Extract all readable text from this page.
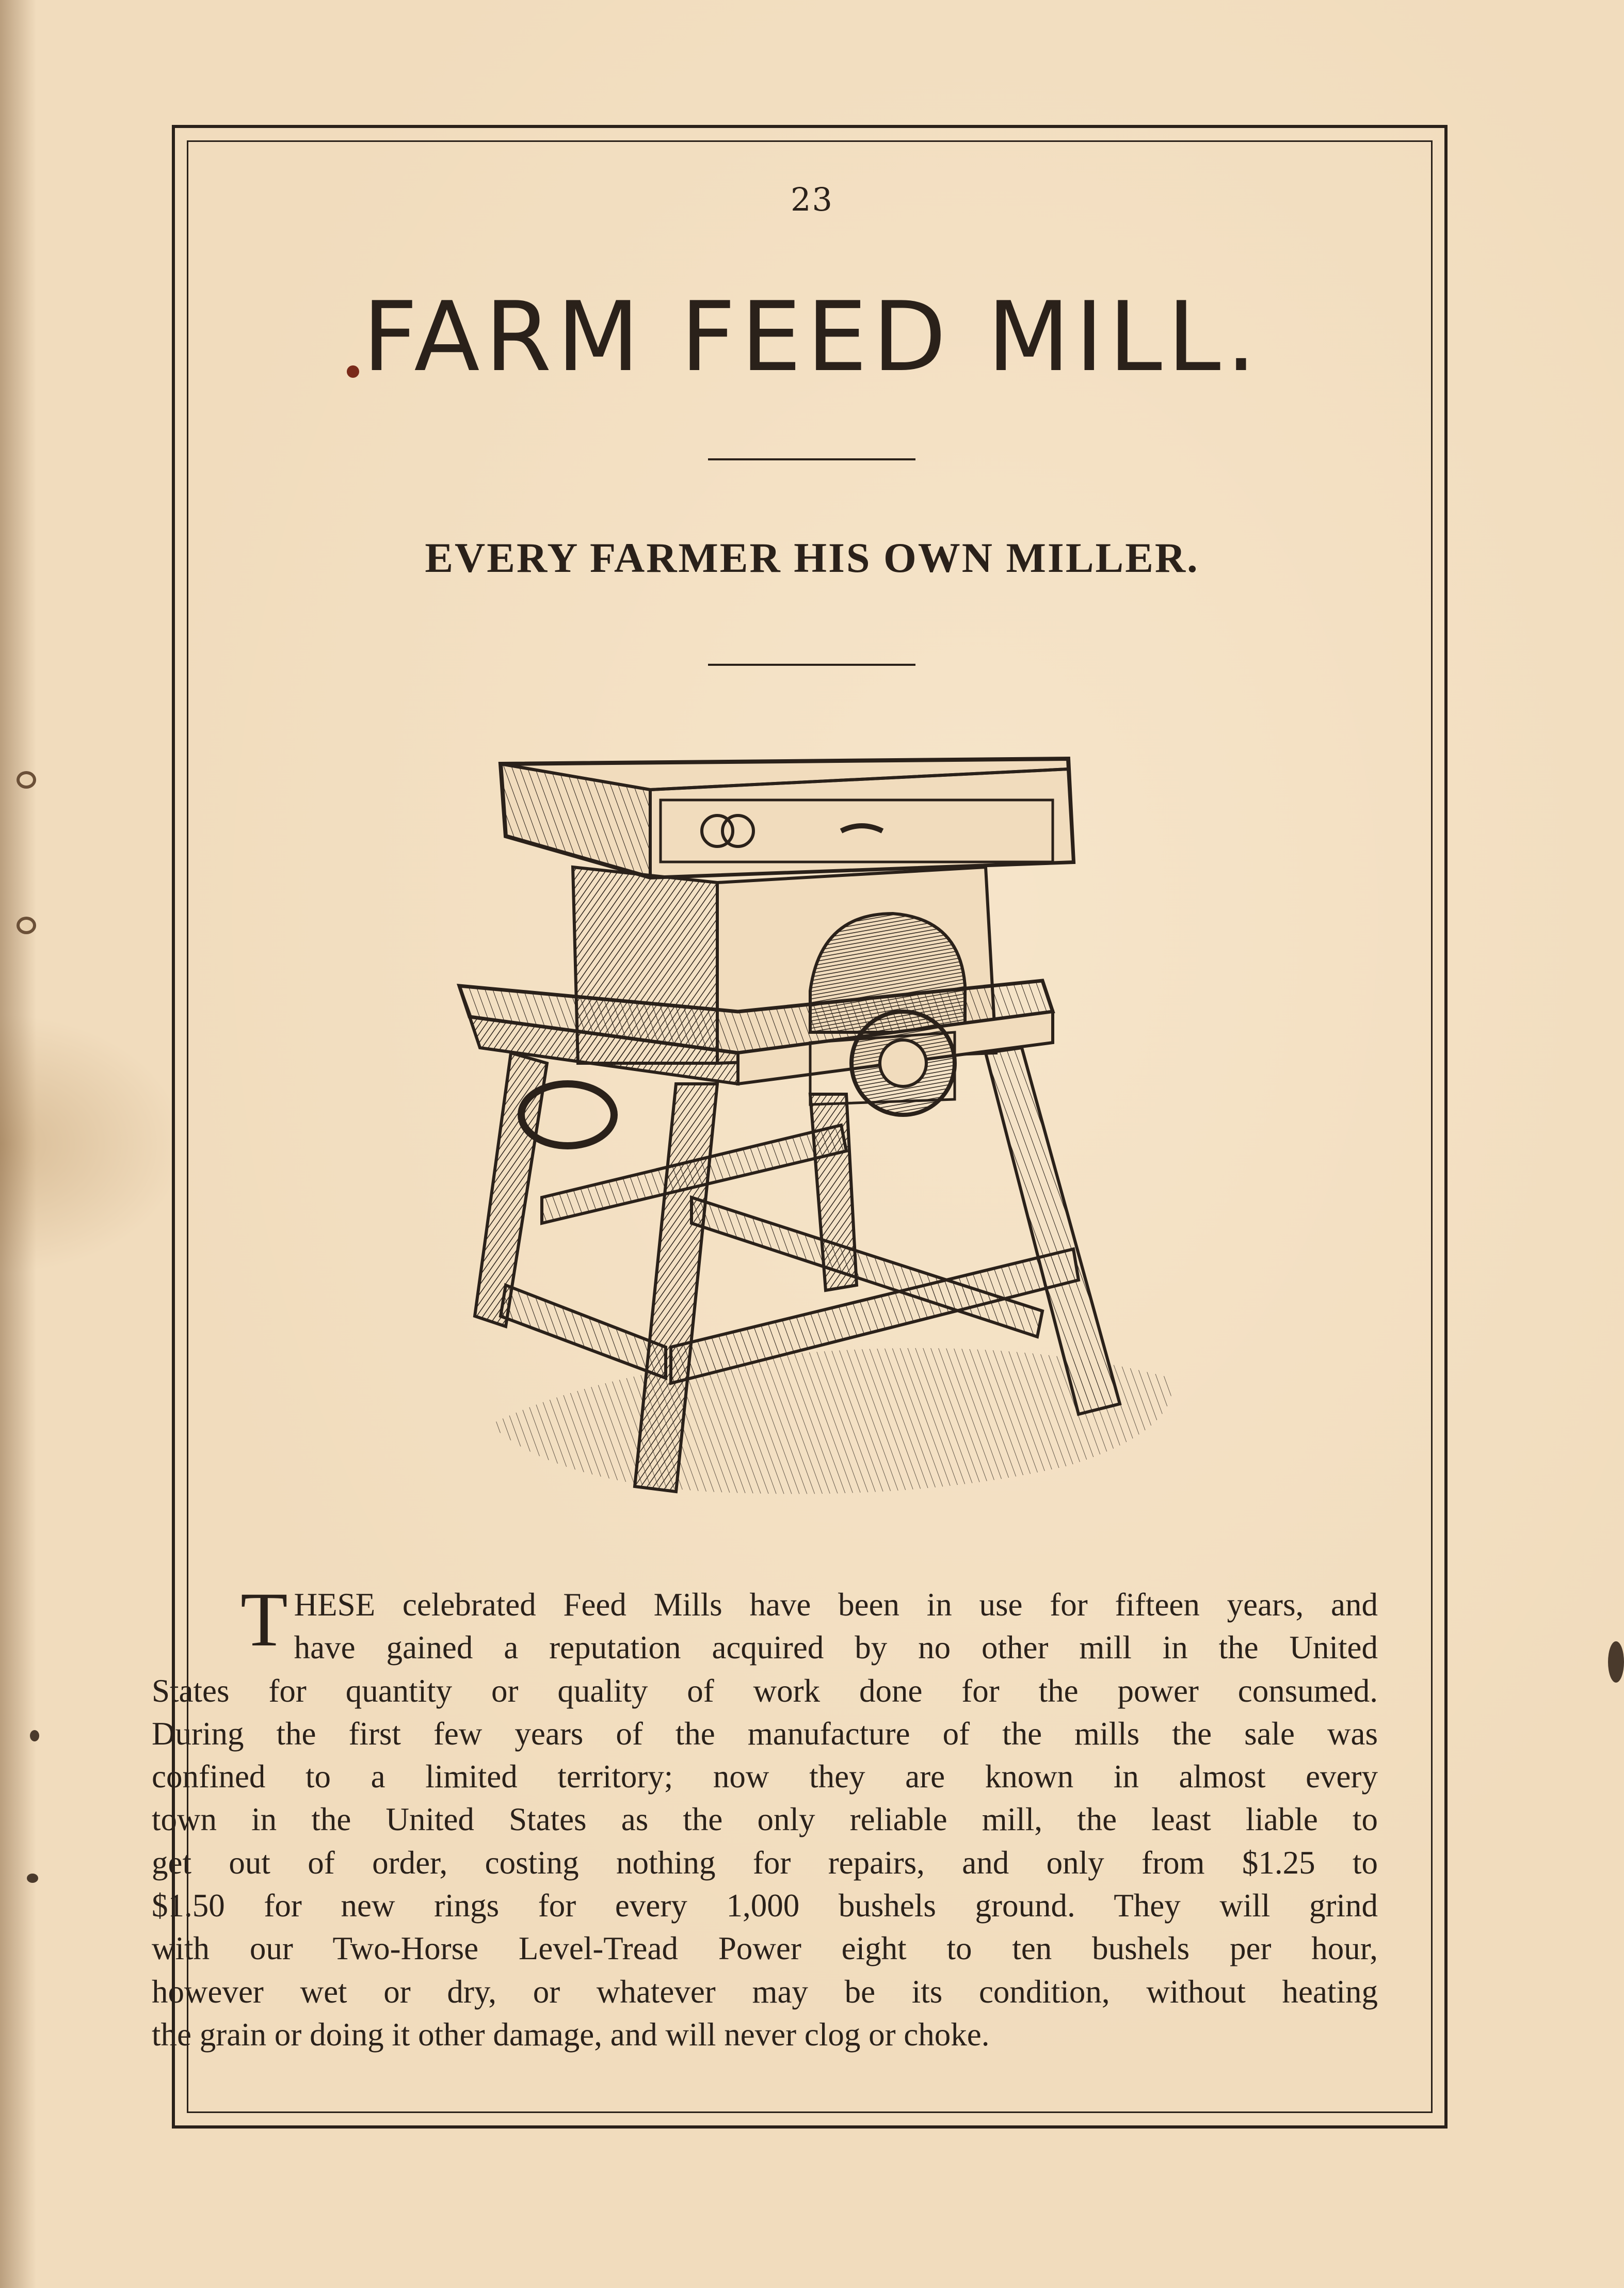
23
FARM FEED MILL.
EVERY FARMER HIS OWN MILLER.
T HESE celebrated Feed Mills have been in use for fifteen years, and
have gained a reputation acquired by no other mill in the United
States for quantity or quality of work done for the power consumed.
During the first few years of the manufacture of the mills the sale was
confined to a limited territory; now they are known in almost every
town in the United States as the only reliable mill, the least liable to
get out of order, costing nothing for repairs, and only from $1.25 to
$1.50 for new rings for every 1,000 bushels ground. They will grind
with our Two-Horse Level-Tread Power eight to ten bushels per hour,
however wet or dry, or whatever may be its condition, without heating
the grain or doing it other damage, and will never clog or choke.
